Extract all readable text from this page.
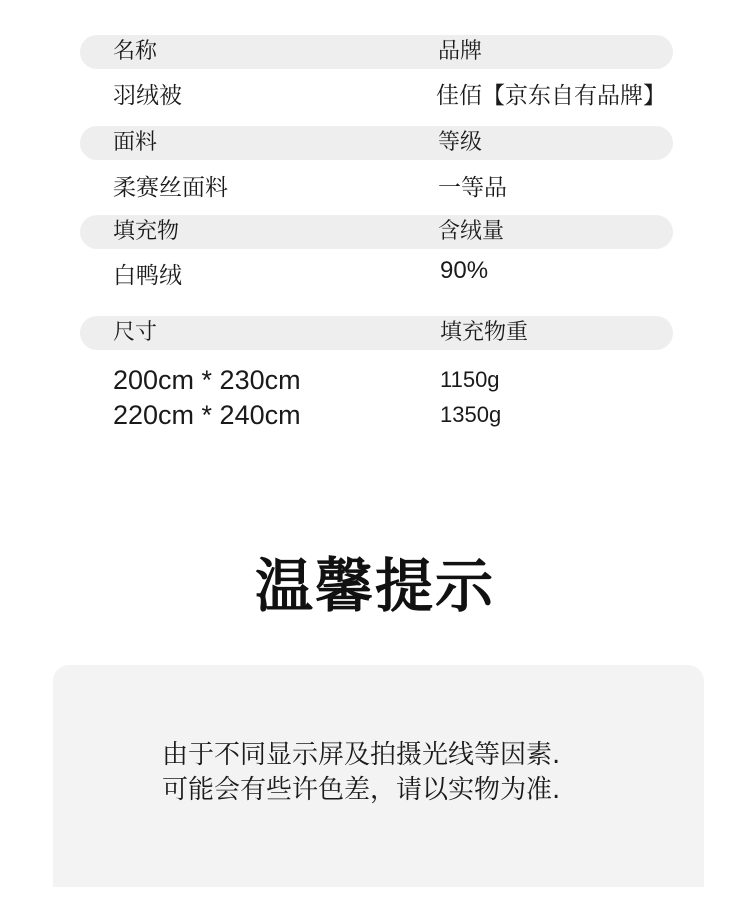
名称	品牌
羽绒被	佳佰【京东自有品牌】
面料	等级
柔赛丝面料	一等品
填充物	含绒量
白鸭绒	90%
尺寸	填充物重
200cm * 230cm	1150g
220cm * 240cm	1350g
温馨提示
由于不同显示屏及拍摄光线等因素.
可能会有些许色差，请以实物为准.
